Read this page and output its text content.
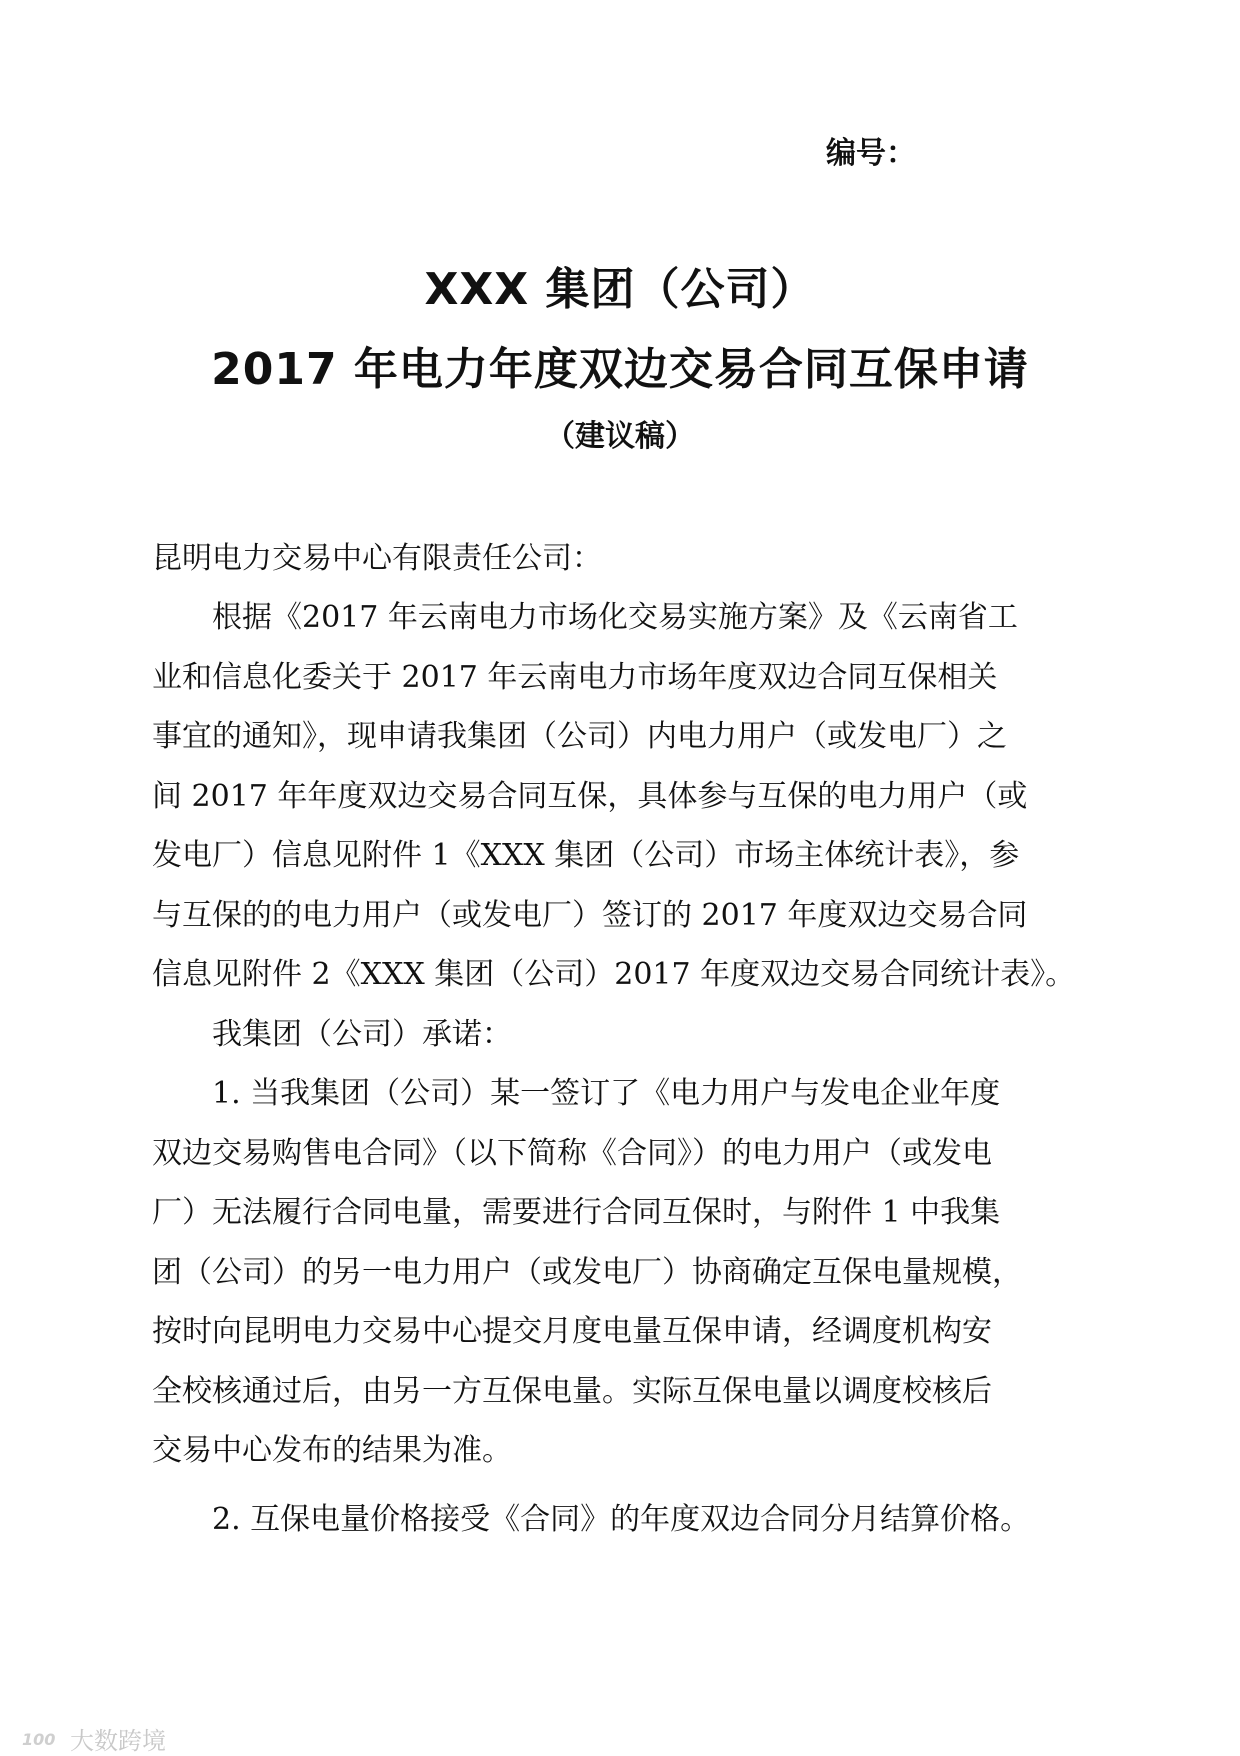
编号：
XXX 集团（公司）
2017 年电力年度双边交易合同互保申请
（建议稿）
昆明电力交易中心有限责任公司：
根据《2017 年云南电力市场化交易实施方案》及《云南省工
业和信息化委关于 2017 年云南电力市场年度双边合同互保相关
事宜的通知》，现申请我集团（公司）内电力用户（或发电厂）之
间 2017 年年度双边交易合同互保，具体参与互保的电力用户（或
发电厂）信息见附件 1《XXX 集团（公司）市场主体统计表》，参
与互保的的电力用户（或发电厂）签订的 2017 年度双边交易合同
信息见附件 2《XXX 集团（公司）2017 年度双边交易合同统计表》。
我集团（公司）承诺：
1. 当我集团（公司）某一签订了《电力用户与发电企业年度
双边交易购售电合同》（以下简称《合同》）的电力用户（或发电
厂）无法履行合同电量，需要进行合同互保时，与附件 1 中我集
团（公司）的另一电力用户（或发电厂）协商确定互保电量规模，
按时向昆明电力交易中心提交月度电量互保申请，经调度机构安
全校核通过后，由另一方互保电量。实际互保电量以调度校核后
交易中心发布的结果为准。
2. 互保电量价格接受《合同》的年度双边合同分月结算价格。
100 大数跨境
